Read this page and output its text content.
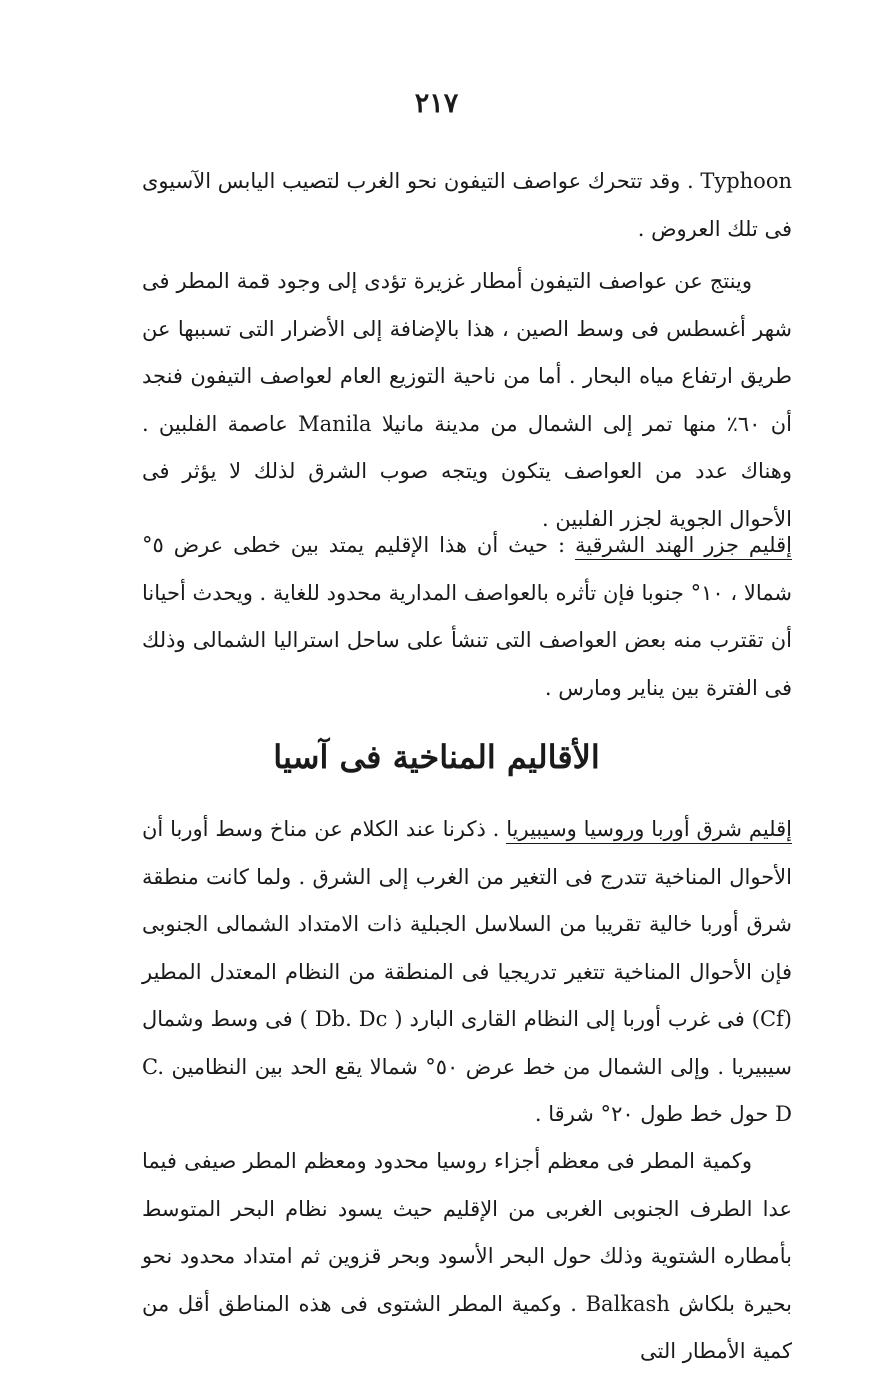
٢١٧

Typhoon . وقد تتحرك عواصف التيفون نحو الغرب لتصيب اليابس الآسيوى فى تلك العروض .

وينتج عن عواصف التيفون أمطار غزيرة تؤدى إلى وجود قمة المطر فى شهر أغسطس فى وسط الصين ، هذا بالإضافة إلى الأضرار التى تسببها عن طريق ارتفاع مياه البحار . أما من ناحية التوزيع العام لعواصف التيفون فنجد أن ٦٠٪ منها تمر إلى الشمال من مدينة مانيلا Manila عاصمة الفلبين . وهناك عدد من العواصف يتكون ويتجه صوب الشرق لذلك لا يؤثر فى الأحوال الجوية لجزر الفلبين .

إقليم جزر الهند الشرقية : حيث أن هذا الإقليم يمتد بين خطى عرض ٥° شمالا ، ١٠° جنوبا فإن تأثره بالعواصف المدارية محدود للغاية . ويحدث أحيانا أن تقترب منه بعض العواصف التى تنشأ على ساحل استراليا الشمالى وذلك فى الفترة بين يناير ومارس .

الأقاليم المناخية فى آسيا

إقليم شرق أوربا وروسيا وسيبيريا . ذكرنا عند الكلام عن مناخ وسط أوربا أن الأحوال المناخية تتدرج فى التغير من الغرب إلى الشرق . ولما كانت منطقة شرق أوربا خالية تقريبا من السلاسل الجبلية ذات الامتداد الشمالى الجنوبى فإن الأحوال المناخية تتغير تدريجيا فى المنطقة من النظام المعتدل المطير (Cf) فى غرب أوربا إلى النظام القارى البارد ( Db. Dc ) فى وسط وشمال سيبيريا . وإلى الشمال من خط عرض ٥٠° شمالا يقع الحد بين النظامين C. D حول خط طول ٢٠° شرقا .

وكمية المطر فى معظم أجزاء روسيا محدود ومعظم المطر صيفى فيما عدا الطرف الجنوبى الغربى من الإقليم حيث يسود نظام البحر المتوسط بأمطاره الشتوية وذلك حول البحر الأسود وبحر قزوين ثم امتداد محدود نحو بحيرة بلكاش Balkash . وكمية المطر الشتوى فى هذه المناطق أقل من كمية الأمطار التى
